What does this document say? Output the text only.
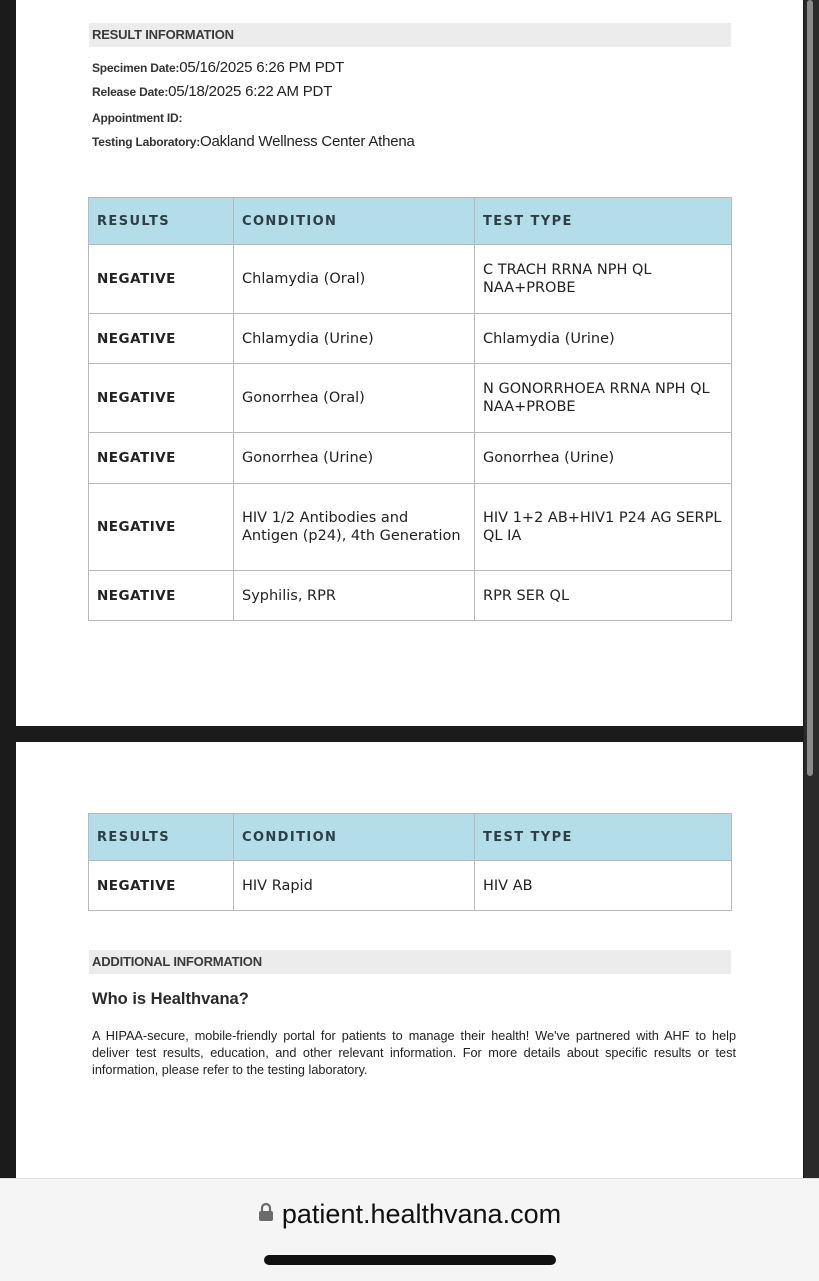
RESULT INFORMATION
Specimen Date:05/16/2025 6:26 PM PDT
Release Date:05/18/2025 6:22 AM PDT
Appointment ID:
Testing Laboratory:Oakland Wellness Center Athena
RESULTS	CONDITION	TEST TYPE
NEGATIVE	Chlamydia (Oral)	C TRACH RRNA NPH QL NAA+PROBE
NEGATIVE	Chlamydia (Urine)	Chlamydia (Urine)
NEGATIVE	Gonorrhea (Oral)	N GONORRHOEA RRNA NPH QL NAA+PROBE
NEGATIVE	Gonorrhea (Urine)	Gonorrhea (Urine)
NEGATIVE	HIV 1/2 Antibodies and Antigen (p24), 4th Generation	HIV 1+2 AB+HIV1 P24 AG SERPL QL IA
NEGATIVE	Syphilis, RPR	RPR SER QL
RESULTS	CONDITION	TEST TYPE
NEGATIVE	HIV Rapid	HIV AB
ADDITIONAL INFORMATION
Who is Healthvana?
A HIPAA-secure, mobile-friendly portal for patients to manage their health! We've partnered with AHF to help deliver test results, education, and other relevant information. For more details about specific results or test information, please refer to the testing laboratory.
patient.healthvana.com
